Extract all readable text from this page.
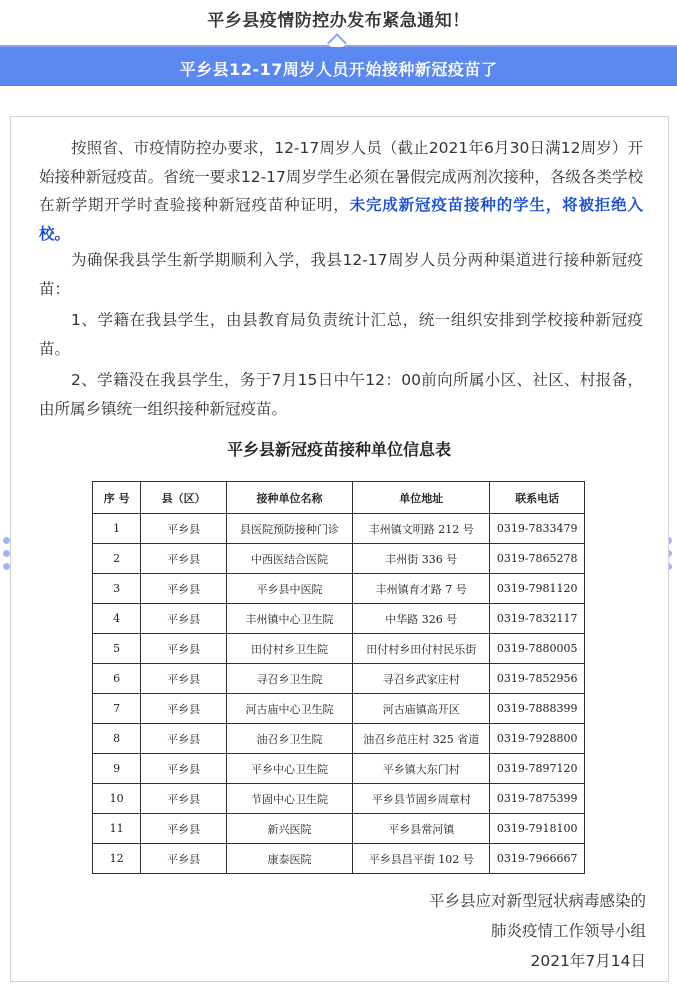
平乡县疫情防控办发布紧急通知！
平乡县12-17周岁人员开始接种新冠疫苗了

按照省、市疫情防控办要求，12-17周岁人员（截止2021年6月30日满12周岁）开始接种新冠疫苗。省统一要求12-17周岁学生必须在暑假完成两剂次接种，各级各类学校在新学期开学时查验接种新冠疫苗种证明，未完成新冠疫苗接种的学生，将被拒绝入校。

为确保我县学生新学期顺利入学，我县12-17周岁人员分两种渠道进行接种新冠疫苗：

1、学籍在我县学生，由县教育局负责统计汇总，统一组织安排到学校接种新冠疫苗。

2、学籍没在我县学生，务于7月15日中午12：00前向所属小区、社区、村报备，由所属乡镇统一组织接种新冠疫苗。

平乡县新冠疫苗接种单位信息表
序 号	县（区）	接种单位名称	单位地址	联系电话
1	平乡县	县医院预防接种门诊	丰州镇文明路 212 号	0319-7833479
2	平乡县	中西医结合医院	丰州街 336 号	0319-7865278
3	平乡县	平乡县中医院	丰州镇育才路 7 号	0319-7981120
4	平乡县	丰州镇中心卫生院	中华路 326 号	0319-7832117
5	平乡县	田付村乡卫生院	田付村乡田付村民乐街	0319-7880005
6	平乡县	寻召乡卫生院	寻召乡武家庄村	0319-7852956
7	平乡县	河古庙中心卫生院	河古庙镇高开区	0319-7888399
8	平乡县	油召乡卫生院	油召乡范庄村 325 省道	0319-7928800
9	平乡县	平乡中心卫生院	平乡镇大东门村	0319-7897120
10	平乡县	节固中心卫生院	平乡县节固乡周章村	0319-7875399
11	平乡县	新兴医院	平乡县常河镇	0319-7918100
12	平乡县	康泰医院	平乡县昌平街 102 号	0319-7966667
平乡县应对新型冠状病毒感染的
肺炎疫情工作领导小组
2021年7月14日
